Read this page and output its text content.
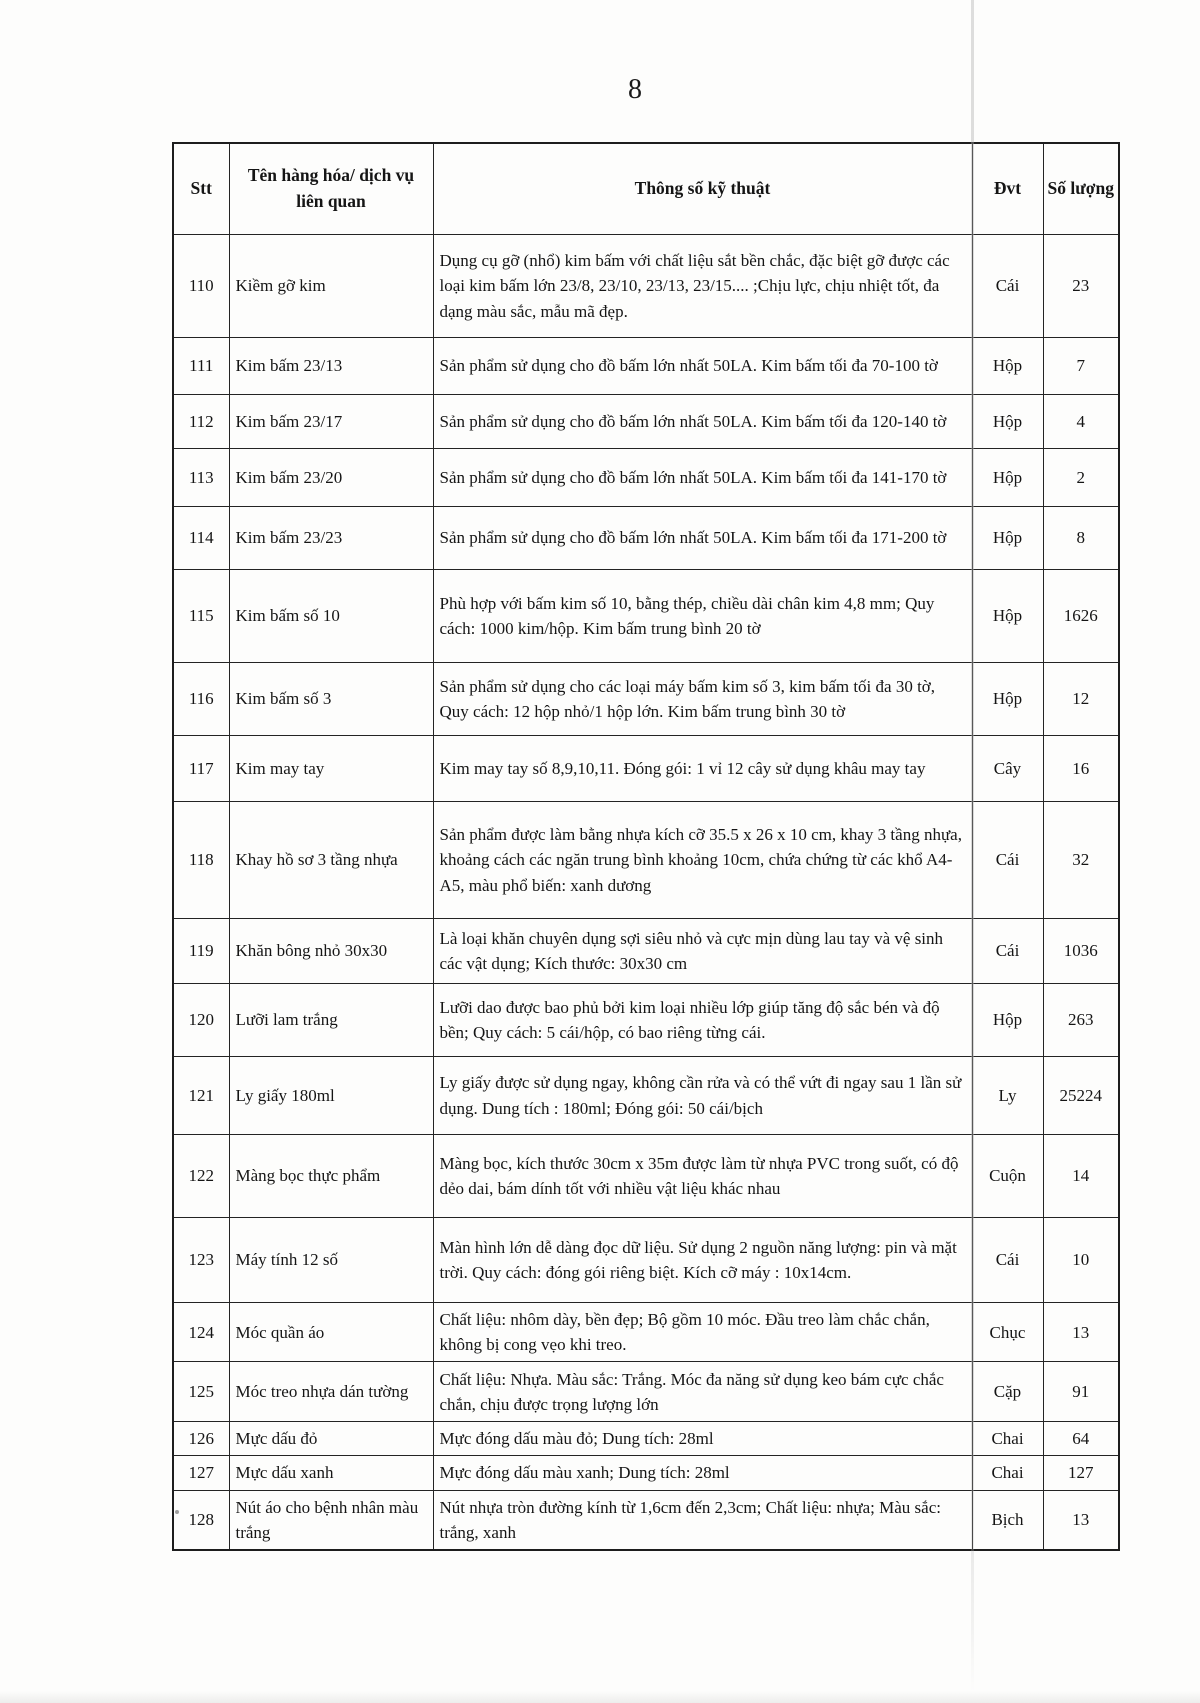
8
Stt	Tên hàng hóa/ dịch vụ liên quan	Thông số kỹ thuật	Đvt	Số lượng
110	Kiềm gỡ kim	Dụng cụ gỡ (nhổ) kim bấm với chất liệu sắt bền chắc, đặc biệt gỡ được các loại kim bấm lớn 23/8, 23/10, 23/13, 23/15.... ;Chịu lực, chịu nhiệt tốt, đa dạng màu sắc, mẫu mã đẹp.	Cái	23
111	Kim bấm 23/13	Sản phẩm sử dụng cho đồ bấm lớn nhất 50LA. Kim bấm tối đa 70-100 tờ	Hộp	7
112	Kim bấm 23/17	Sản phẩm sử dụng cho đồ bấm lớn nhất 50LA. Kim bấm tối đa 120-140 tờ	Hộp	4
113	Kim bấm 23/20	Sản phẩm sử dụng cho đồ bấm lớn nhất 50LA. Kim bấm tối đa 141-170 tờ	Hộp	2
114	Kim bấm 23/23	Sản phẩm sử dụng cho đồ bấm lớn nhất 50LA. Kim bấm tối đa 171-200 tờ	Hộp	8
115	Kim bấm số 10	Phù hợp với bấm kim số 10, bằng thép, chiều dài chân kim 4,8 mm; Quy cách: 1000 kim/hộp. Kim bấm trung bình 20 tờ	Hộp	1626
116	Kim bấm số 3	Sản phẩm sử dụng cho các loại máy bấm kim số 3, kim bấm tối đa 30 tờ, Quy cách: 12 hộp nhỏ/1 hộp lớn. Kim bấm trung bình 30 tờ	Hộp	12
117	Kim may tay	Kim may tay số 8,9,10,11. Đóng gói: 1 vỉ 12 cây sử dụng khâu may tay	Cây	16
118	Khay hồ sơ 3 tầng nhựa	Sản phẩm được làm bằng nhựa kích cỡ 35.5 x 26 x 10 cm, khay 3 tầng nhựa, khoảng cách các ngăn trung bình khoảng 10cm, chứa chứng từ các khổ A4-A5, màu phổ biến: xanh dương	Cái	32
119	Khăn bông nhỏ 30x30	Là loại khăn chuyên dụng sợi siêu nhỏ và cực mịn dùng lau tay và vệ sinh các vật dụng; Kích thước: 30x30 cm	Cái	1036
120	Lưỡi lam trắng	Lưỡi dao được bao phủ bởi kim loại nhiều lớp giúp tăng độ sắc bén và độ bền; Quy cách: 5 cái/hộp, có bao riêng từng cái.	Hộp	263
121	Ly giấy 180ml	Ly giấy được sử dụng ngay, không cần rửa và có thể vứt đi ngay sau 1 lần sử dụng. Dung tích : 180ml; Đóng gói: 50 cái/bịch	Ly	25224
122	Màng bọc thực phẩm	Màng bọc, kích thước 30cm x 35m được làm từ nhựa PVC trong suốt, có độ dẻo dai, bám dính tốt với nhiều vật liệu khác nhau	Cuộn	14
123	Máy tính 12 số	Màn hình lớn dễ dàng đọc dữ liệu. Sử dụng 2 nguồn năng lượng: pin và mặt trời. Quy cách: đóng gói riêng biệt. Kích cỡ máy : 10x14cm.	Cái	10
124	Móc quần áo	Chất liệu: nhôm dày, bền đẹp; Bộ gồm 10 móc. Đầu treo làm chắc chắn, không bị cong vẹo khi treo.	Chục	13
125	Móc treo nhựa dán tường	Chất liệu: Nhựa. Màu sắc: Trắng. Móc đa năng sử dụng keo bám cực chắc chắn, chịu được trọng lượng lớn	Cặp	91
126	Mực dấu đỏ	Mực đóng dấu màu đỏ; Dung tích: 28ml	Chai	64
127	Mực dấu xanh	Mực đóng dấu màu xanh; Dung tích: 28ml	Chai	127
128	Nút áo cho bệnh nhân màu trắng	Nút nhựa tròn đường kính từ 1,6cm đến 2,3cm; Chất liệu: nhựa; Màu sắc: trắng, xanh	Bịch	13
